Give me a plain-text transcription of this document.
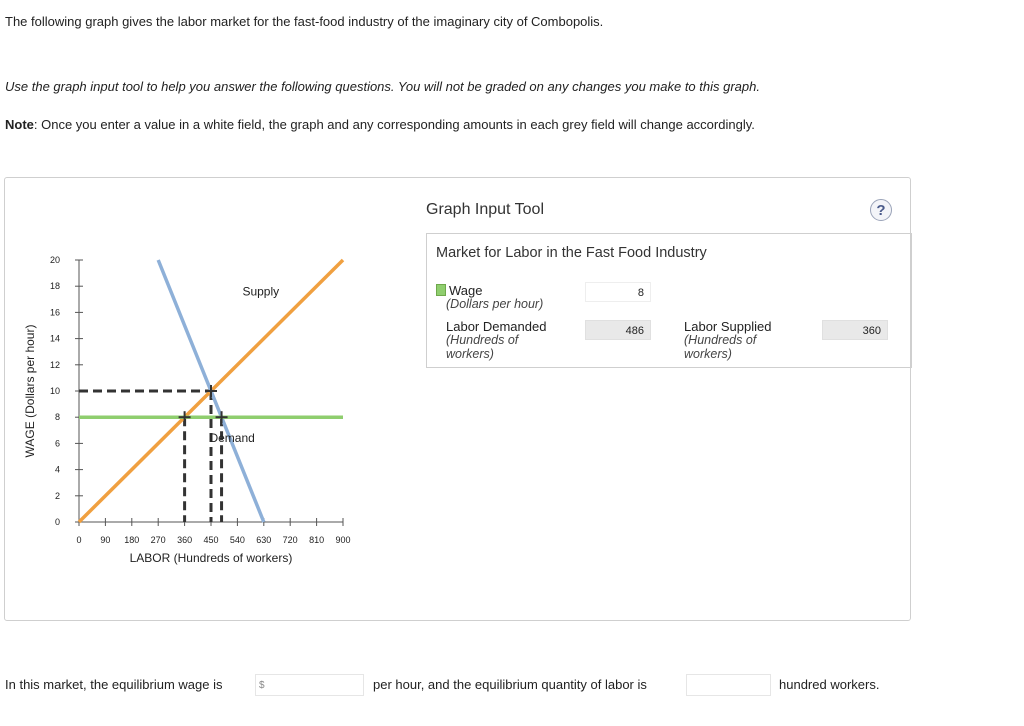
The following graph gives the labor market for the fast-food industry of the imaginary city of Combopolis.
Use the graph input tool to help you answer the following questions. You will not be graded on any changes you make to this graph.
Note: Once you enter a value in a white field, the graph and any corresponding amounts in each grey field will change accordingly.
0
2
4
6
8
10
12
14
16
18
20
0 90 180 270 360 450 540 630 720 810 900
LABOR (Hundreds of workers)
WAGE (Dollars per hour)
Supply
Demand
Graph Input Tool	?
Market for Labor in the Fast Food Industry
Wage
(Dollars per hour)
8
Labor Demanded
(Hundreds of
workers)
486	Labor Supplied
(Hundreds of
workers)
360
In this market, the equilibrium wage is	$	per hour, and the equilibrium quantity of labor is	hundred workers.
